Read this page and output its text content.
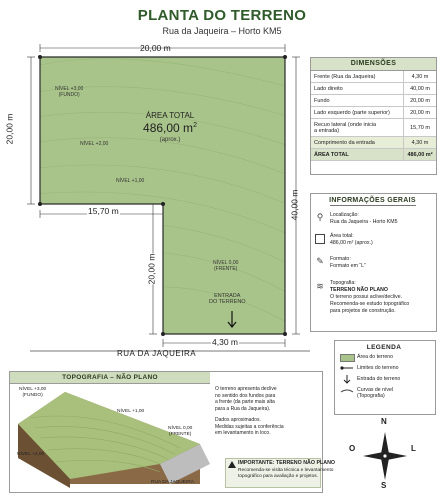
PLANTA DO TERRENO
Rua da Jaqueira – Horto KM5
20,00 m
20,00 m
40,00 m
15,70 m
20,00 m
4,30 m
ÁREA TOTAL
486,00 $m^2$
(aprox.)
NÍVEL +3,00
(FUNDO)
NÍVEL +2,00
NÍVEL +1,00
NÍVEL 0,00
(FRENTE)
ENTRADA
DO TERRENO
RUA DA JAQUEIRA
DIMENSÕES
Frente (Rua da Jaqueira)	4,30 m
Lado direito	40,00 m
Fundo	20,00 m
Lado esquerdo (parte superior)	20,00 m

Recuo lateral (onde inicia
a entrada)	15,70 m
Comprimento da entrada	4,30 m
ÁREA TOTAL	486,00 m²
INFORMAÇÕES GERAIS
⚲	Localização:
Rua da Jaqueira - Horto KM5
Área total:
486,00 m² (aprox.)
✎ Formato:
Formato em “L”
≋ Topografia:
TERRENO NÃO PLANO
O terreno possui aclive/declive.
Recomenda-se estudo topográfico
para projetos de construção.
LEGENDA
Área do terreno
Limites do terreno
Entrada do terreno
Curvas de nível
(Topografia)
TOPOGRAFIA – NÃO PLANO
NÍVEL +3,00
(FUNDO)
NÍVEL +1,00
NÍVEL 0,00
(FRENTE)
NÍVEL +2,00
RUA DA JAQUEIRA
O terreno apresenta declive
no sentido dos fundos para
a frente (da parte mais alta
para a Rua da Jaqueira).
Dados aproximados.
Medidas sujeitas a conferência
em levantamento in loco.
IMPORTANTE: TERRENO NÃO PLANO
Recomenda-se visita técnica e levantamento
topográfico para avaliação e projetos.
N
S
L
O
